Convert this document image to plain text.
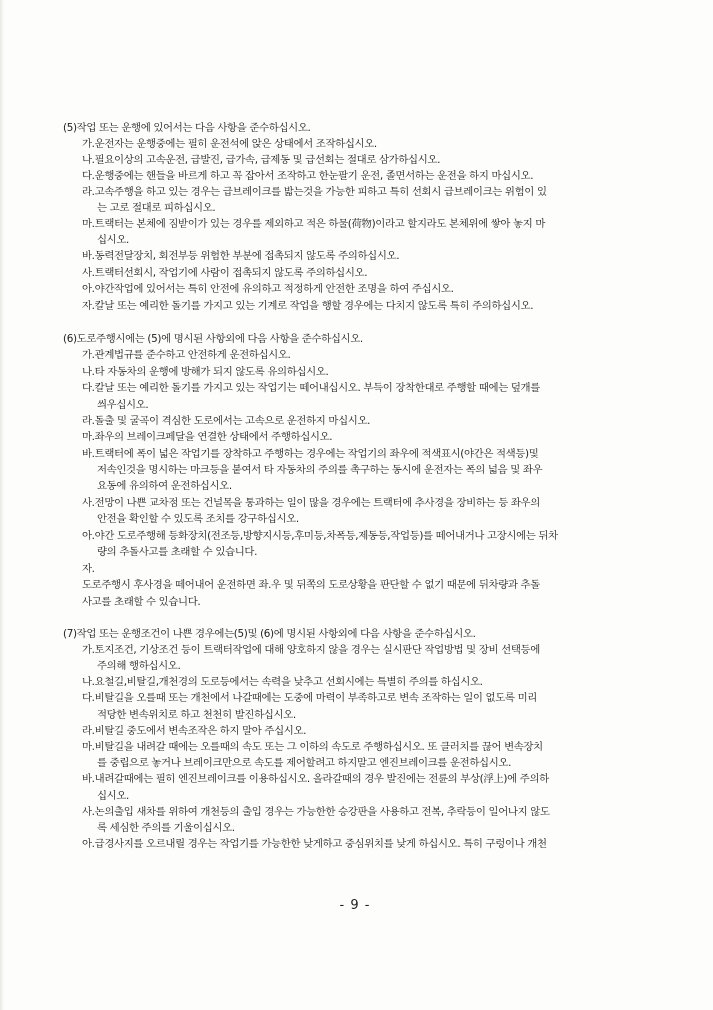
(5)작업 또는 운행에 있어서는 다음 사항을 준수하십시오.
가.운전자는 운행중에는 필히 운전석에 앉은 상태에서 조작하십시오.
나.필요이상의 고속운전, 급발진, 급가속, 급제동 및 급선회는 절대로 삼가하십시오.
다.운행중에는 핸들을 바르게 하고 꼭 잡아서 조작하고 한눈팔기 운전, 졸면서하는 운전을 하지 마십시오.
라.고속주행을 하고 있는 경우는 급브레이크를 밟는것을 가능한 피하고 특히 선회시 급브레이크는 위험이 있
는 고로 절대로 피하십시오.
마.트랙터는 본체에 짐받이가 있는 경우를 제외하고 적은 하물(荷物)이라고 할지라도 본체위에 쌓아 놓지 마
십시오.
바.동력전달장치, 회전부등 위험한 부분에 접촉되지 않도록 주의하십시오.
사.트랙터선회시, 작업기에 사람이 접촉되지 않도록 주의하십시오.
아.야간작업에 있어서는 특히 안전에 유의하고 적정하게 안전한 조명을 하여 주십시오.
자.칼날 또는 예리한 돌기를 가지고 있는 기계로 작업을 행할 경우에는 다치지 않도록 특히 주의하십시오.
(6)도로주행시에는 (5)에 명시된 사항외에 다음 사항을 준수하십시오.
가.관계법규를 준수하고 안전하게 운전하십시오.
나.타 자동차의 운행에 방해가 되지 않도록 유의하십시오.
다.칼날 또는 예리한 돌기를 가지고 있는 작업기는 떼어내십시오. 부득이 장착한대로 주행할 때에는 덮개를
씌우십시오.
라.돌출 및 굴곡이 격심한 도로에서는 고속으로 운전하지 마십시오.
마.좌우의 브레이크페달을 연결한 상태에서 주행하십시오.
바.트랙터에 폭이 넓은 작업기를 장착하고 주행하는 경우에는 작업기의 좌우에 적색표시(야간은 적색등)및
저속인것을 명시하는 마크등을 붙여서 타 자동차의 주의를 촉구하는 동시에 운전자는 폭의 넓음 및 좌우
요동에 유의하여 운전하십시오.
사.전망이 나쁜 교차점 또는 건널목을 통과하는 일이 많을 경우에는 트랙터에 추사경을 장비하는 등 좌우의
안전을 확인할 수 있도록 조치를 강구하십시오.
아.야간 도로주행해 등화장치(전조등,방향지시등,후미등,차폭등,제동등,작업등)를 떼어내거나 고장시에는 뒤차
량의 추돌사고를 초래할 수 있습니다.
자.
도로주행시 후사경을 떼어내어 운전하면 좌.우 및 뒤쪽의 도로상황을 판단할 수 없기 때문에 뒤차량과 추돌
사고를 초래할 수 있습니다.
(7)작업 또는 운행조건이 나쁜 경우에는(5)및 (6)에 명시된 사항외에 다음 사항을 준수하십시오.
가.토지조건, 기상조건 등이 트랙터작업에 대해 양호하지 않을 경우는 실시판단 작업방법 및 장비 선택등에
주의해 행하십시오.
나.요철길,비탈길,개천경의 도로등에서는 속력을 낮추고 선회시에는 특별히 주의를 하십시오.
다.비탈길을 오를때 또는 개천에서 나갈때에는 도중에 마력이 부족하고로 변속 조작하는 일이 없도록 미리
적당한 변속위치로 하고 천천히 발진하십시오.
라.비탈길 중도에서 변속조작은 하지 말아 주십시오.
마.비탈길을 내려갈 때에는 오를때의 속도 또는 그 이하의 속도로 주행하십시오. 또 클러치를 끊어 변속장치
를 중립으로 놓거나 브레이크만으로 속도를 제어할려고 하지말고 엔진브레이크를 운전하십시오.
바.내려갈때에는 필히 엔진브레이크를 이용하십시오. 올라갈때의 경우 발진에는 전륜의 부상(浮上)에 주의하
십시오.
사.논의출입 새차를 위하여 개천등의 출입 경우는 가능한한 승강판을 사용하고 전복, 추락등이 일어나지 않도
록 세심한 주의를 기울이십시오.
아.급경사지를 오르내릴 경우는 작업기를 가능한한 낮게하고 중심위치를 낮게 하십시오. 특히 구렁이나 개천
- 9 -
